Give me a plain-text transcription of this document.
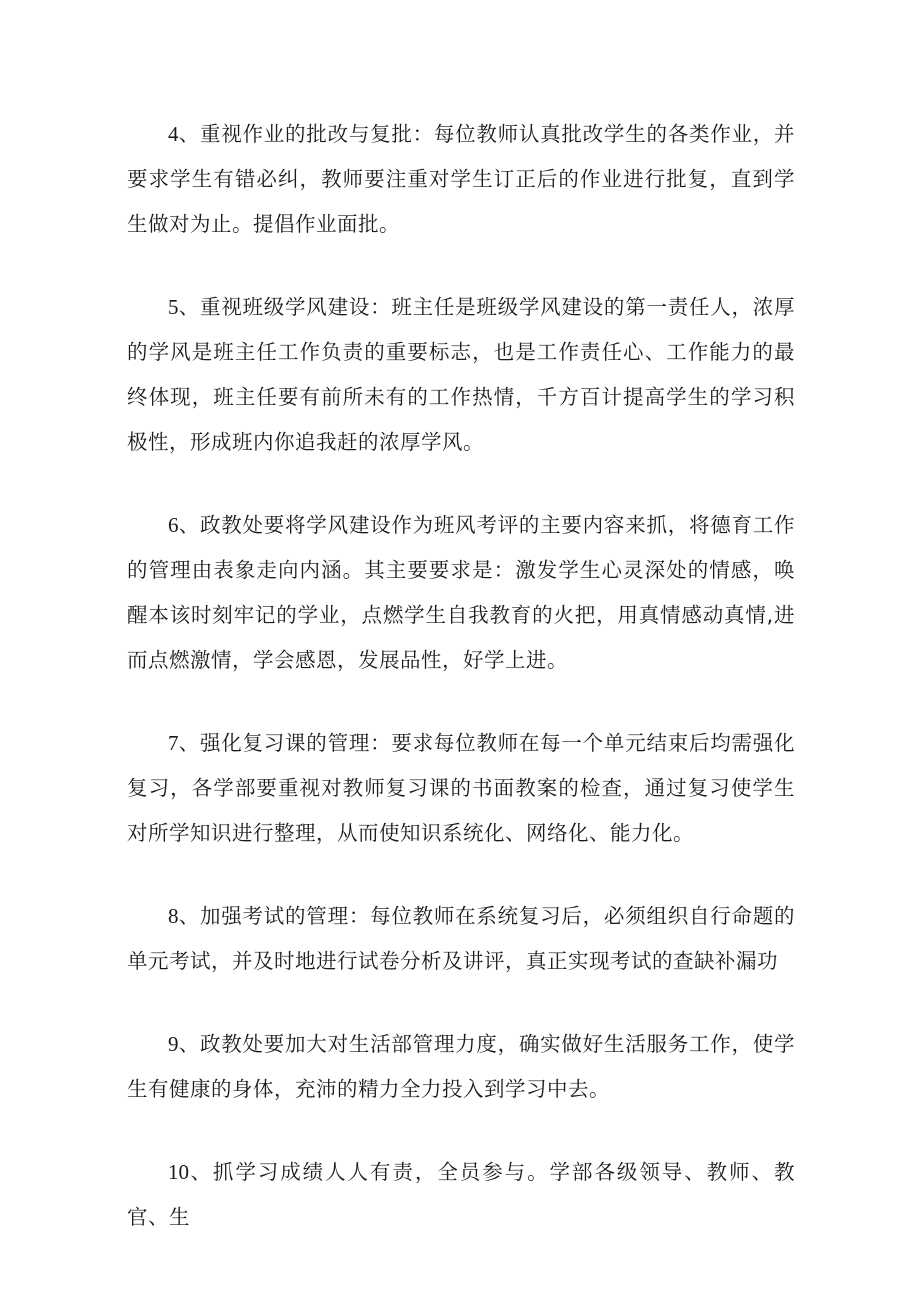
4、重视作业的批改与复批：每位教师认真批改学生的各类作业，并要求学生有错必纠，教师要注重对学生订正后的作业进行批复，直到学生做对为止。提倡作业面批。

5、重视班级学风建设：班主任是班级学风建设的第一责任人，浓厚的学风是班主任工作负责的重要标志，也是工作责任心、工作能力的最终体现，班主任要有前所未有的工作热情，千方百计提高学生的学习积极性，形成班内你追我赶的浓厚学风。

6、政教处要将学风建设作为班风考评的主要内容来抓，将德育工作的管理由表象走向内涵。其主要要求是：激发学生心灵深处的情感，唤醒本该时刻牢记的学业，点燃学生自我教育的火把，用真情感动真情,进而点燃激情，学会感恩，发展品性，好学上进。

7、强化复习课的管理：要求每位教师在每一个单元结束后均需强化复习，各学部要重视对教师复习课的书面教案的检查，通过复习使学生对所学知识进行整理，从而使知识系统化、网络化、能力化。

8、加强考试的管理：每位教师在系统复习后，必须组织自行命题的单元考试，并及时地进行试卷分析及讲评，真正实现考试的查缺补漏功

9、政教处要加大对生活部管理力度，确实做好生活服务工作，使学生有健康的身体，充沛的精力全力投入到学习中去。

10、抓学习成绩人人有责，全员参与。学部各级领导、教师、教官、生
